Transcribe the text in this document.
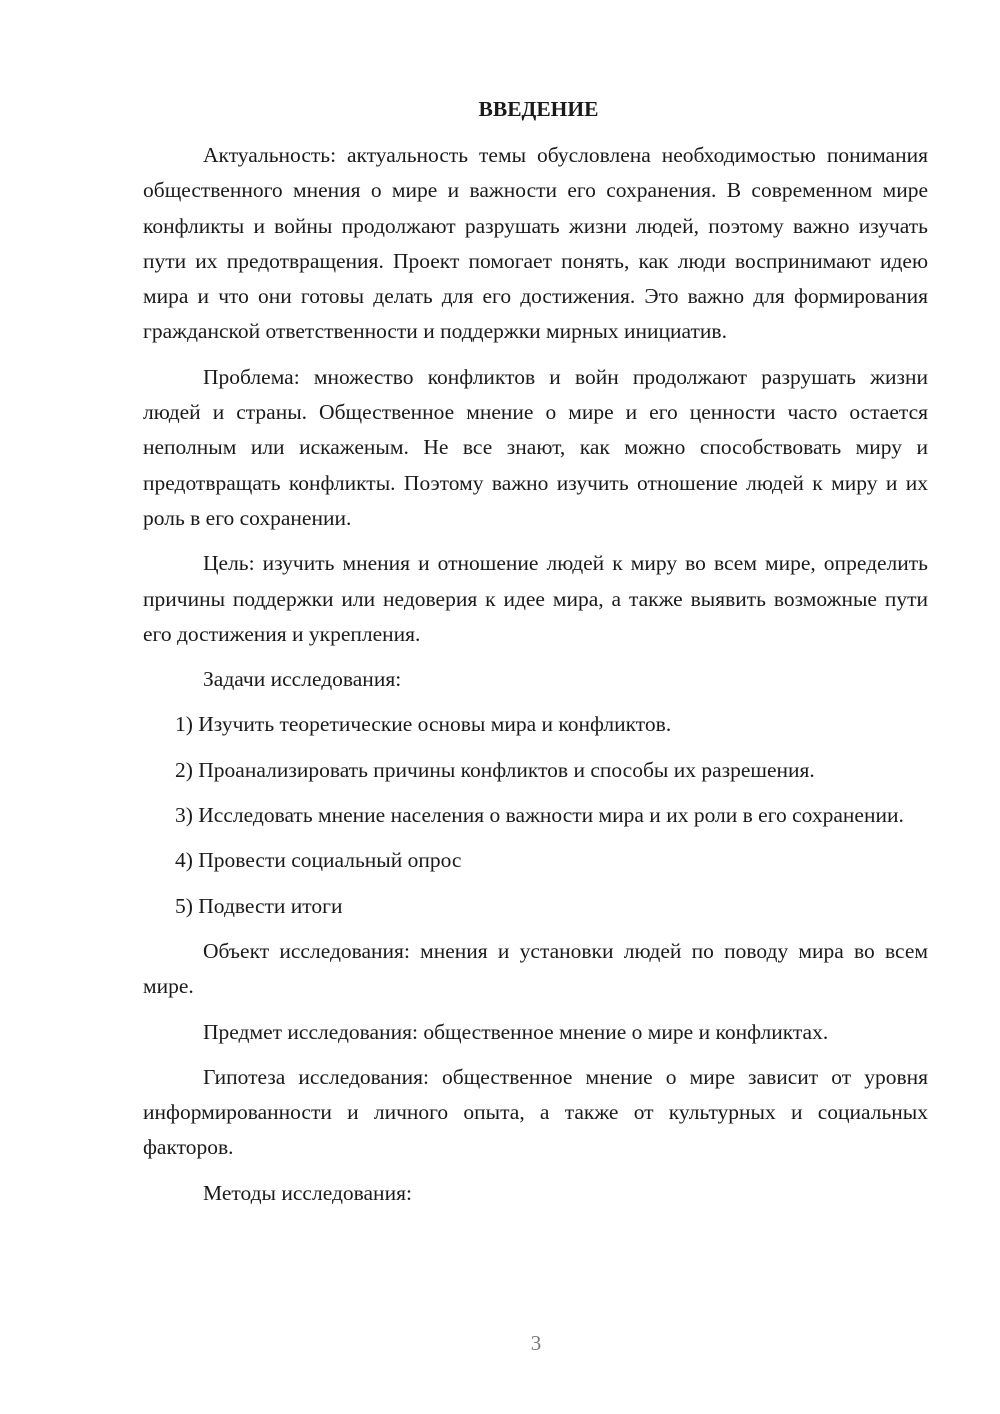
ВВЕДЕНИЕ

Актуальность: актуальность темы обусловлена необходимостью понимания общественного мнения о мире и важности его сохранения. В современном мире конфликты и войны продолжают разрушать жизни людей, поэтому важно изучать пути их предотвращения. Проект помогает понять, как люди воспринимают идею мира и что они готовы делать для его достижения. Это важно для формирования гражданской ответственности и поддержки мирных инициатив.

Проблема: множество конфликтов и войн продолжают разрушать жизни людей и страны. Общественное мнение о мире и его ценности часто остается неполным или искаженым. Не все знают, как можно способствовать миру и предотвращать конфликты. Поэтому важно изучить отношение людей к миру и их роль в его сохранении.

Цель: изучить мнения и отношение людей к миру во всем мире, определить причины поддержки или недоверия к идее мира, а также выявить возможные пути его достижения и укрепления.

Задачи исследования:

1) Изучить теоретические основы мира и конфликтов.

2) Проанализировать причины конфликтов и способы их разрешения.

3) Исследовать мнение населения о важности мира и их роли в его сохранении.

4) Провести социальный опрос

5) Подвести итоги

Объект исследования: мнения и установки людей по поводу мира во всем мире.

Предмет исследования: общественное мнение о мире и конфликтах.

Гипотеза исследования: общественное мнение о мире зависит от уровня информированности и личного опыта, а также от культурных и социальных факторов.

Методы исследования:

3
